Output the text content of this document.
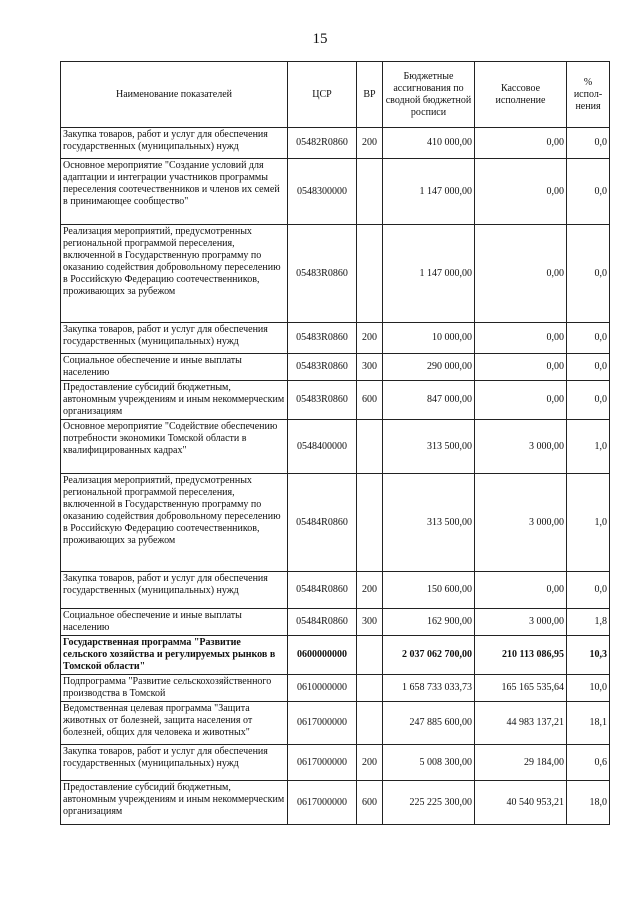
15
Наименование показателей	ЦСР	ВР	Бюджетные ассигнования по сводной бюджетной росписи	Кассовое исполнение	% испол-нения
Закупка товаров, работ и услуг для обеспечения государственных (муниципальных) нужд	05482R0860	200	410 000,00	0,00	0,0
Основное мероприятие "Создание условий для адаптации и интеграции участников программы переселения соотечественников и членов их семей в принимающее сообщество"	0548300000		1 147 000,00	0,00	0,0
Реализация мероприятий, предусмотренных региональной программой переселения, включенной в Государственную программу по оказанию содействия добровольному переселению в Российскую Федерацию соотечественников, проживающих за рубежом	05483R0860		1 147 000,00	0,00	0,0
Закупка товаров, работ и услуг для обеспечения государственных (муниципальных) нужд	05483R0860	200	10 000,00	0,00	0,0
Социальное обеспечение и иные выплаты населению	05483R0860	300	290 000,00	0,00	0,0
Предоставление субсидий бюджетным, автономным учреждениям и иным некоммерческим организациям	05483R0860	600	847 000,00	0,00	0,0
Основное мероприятие "Содействие обеспечению потребности экономики Томской области в квалифицированных кадрах"	0548400000		313 500,00	3 000,00	1,0
Реализация мероприятий, предусмотренных региональной программой переселения, включенной в Государственную программу по оказанию содействия добровольному переселению в Российскую Федерацию соотечественников, проживающих за рубежом	05484R0860		313 500,00	3 000,00	1,0
Закупка товаров, работ и услуг для обеспечения государственных (муниципальных) нужд	05484R0860	200	150 600,00	0,00	0,0
Социальное обеспечение и иные выплаты населению	05484R0860	300	162 900,00	3 000,00	1,8
Государственная программа "Развитие сельского хозяйства и регулируемых рынков в Томской области"	0600000000		2 037 062 700,00	210 113 086,95	10,3
Подпрограмма "Развитие сельскохозяйственного производства в Томской	0610000000		1 658 733 033,73	165 165 535,64	10,0
Ведомственная целевая программа "Защита животных от болезней, защита населения от болезней, общих для человека и животных"	0617000000		247 885 600,00	44 983 137,21	18,1
Закупка товаров, работ и услуг для обеспечения государственных (муниципальных) нужд	0617000000	200	5 008 300,00	29 184,00	0,6
Предоставление субсидий бюджетным, автономным учреждениям и иным некоммерческим организациям	0617000000	600	225 225 300,00	40 540 953,21	18,0
